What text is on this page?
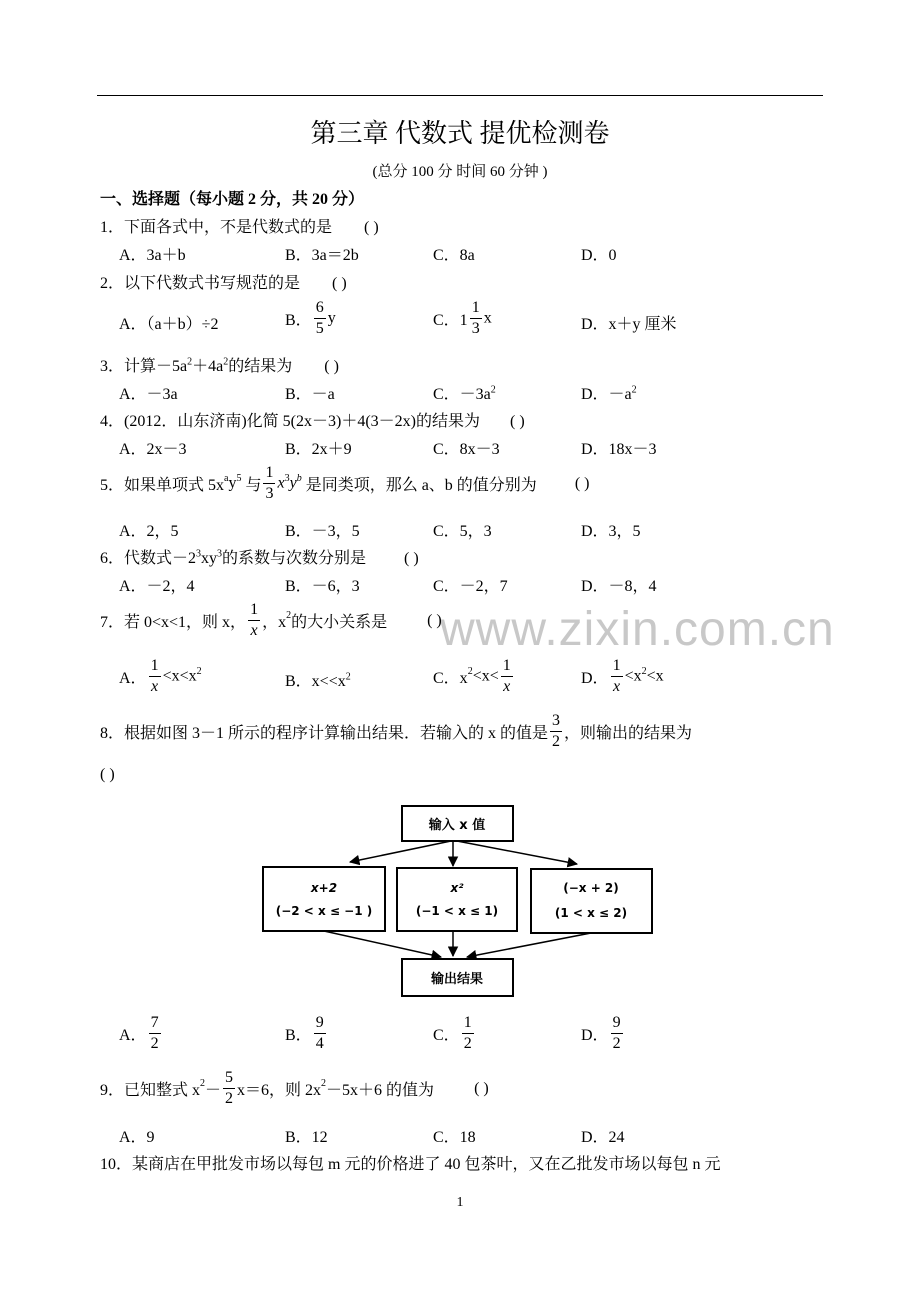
第三章 代数式 提优检测卷
(总分 100 分 时间 60 分钟 )
一、选择题（每小题 2 分，共 20 分）
1．下面各式中，不是代数式的是 ( )
A．3a＋b	B．3a＝2b	C．8a	D．0
2．以下代数式书写规范的是 ( )
A．（a＋b）÷2	B． $\frac{6}{5}$ y	C．$1 \frac{1}{3}$ x	D．x＋y 厘米
3．计算$-5a^2+4a^2$的结果为 ( )
A．－3a	B．－a	C．$-3a^2$	D．$-a^2$
4．(2012．山东济南)化简 5(2x－3)＋4(3－2x)的结果为 ( )
A．2x－3	B．2x＋9	C．8x－3	D．18x－3
5．如果单项式 $5x^ay^5$ 与 $\frac{1}{3} x^3y^b$ 是同类项，那么 a、b 的值分别为 ( )
A．2，5	B．－3，5	C．5，3	D．3，5
6．代数式$-2^3xy^3$的系数与次数分别是 ( )
A．－2，4	B．－6，3	C．－2，7	D．－8，4
www.zixin.com.cn
7．若 0<x<1，则 x， $\frac{1}{x}$ ，$x^2$的大小关系是	( )
A． $\frac{1}{x} <x<x^2$
B．$x<<x^2$	C．$x^2<x< \frac{1}{x}$	D． $\frac{1}{x} <x^2<x$
8．根据如图 3－1 所示的程序计算输出结果．若输入的 x 的值是 $\frac{3}{2}$ ，则输出的结果为
( )
输入 x 值
x+2
(−2 < x ≤ −1 )
x²
(−1 < x ≤ 1)
(−x + 2)
(1 < x ≤ 2)
输出结果
A． $\frac{7}{2}$	B． $\frac{9}{4}$	C． $\frac{1}{2}$	D． $\frac{9}{2}$
9．已知整式 $x^2- \frac{5}{2} x=6$，则 $2x^2-5x+6$ 的值为	( )
A．9	B．12	C．18	D．24
10．某商店在甲批发市场以每包 m 元的价格进了 40 包茶叶，又在乙批发市场以每包 n 元
1
